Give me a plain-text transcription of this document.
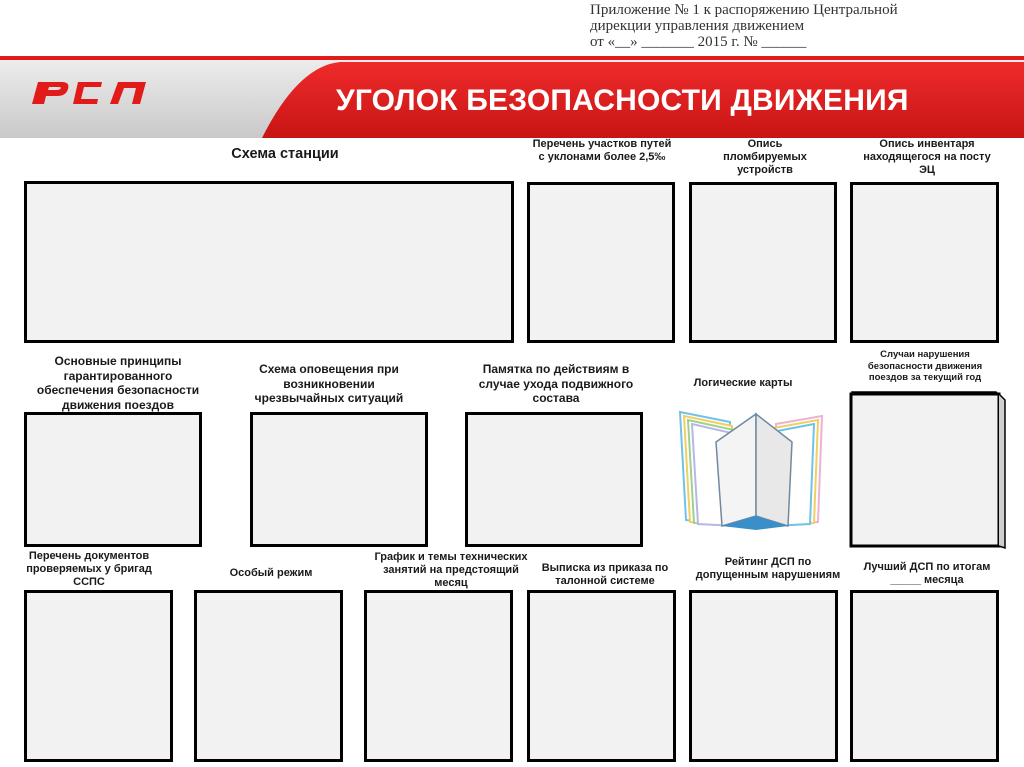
Приложение № 1 к распоряжению Центральной
дирекции управления движением
от «__» _______ 2015 г. № ______
УГОЛОК БЕЗОПАСНОСТИ ДВИЖЕНИЯ
Схема станции
Перечень участков путей с уклонами более 2,5‰
Опись пломбируемых устройств
Опись инвентаря находящегося на посту ЭЦ
Основные принципы гарантированного обеспечения безопасности движения поездов
Схема оповещения при возникновении чрезвычайных ситуаций
Памятка по действиям в случае ухода подвижного состава
Логические карты
Случаи нарушения безопасности движения поездов за текущий год
Перечень документов проверяемых у бригад ССПС
Особый режим
График и темы технических занятий на предстоящий месяц
Выписка из приказа по талонной системе
Рейтинг ДСП по допущенным нарушениям
Лучший ДСП по итогам _____ месяца
